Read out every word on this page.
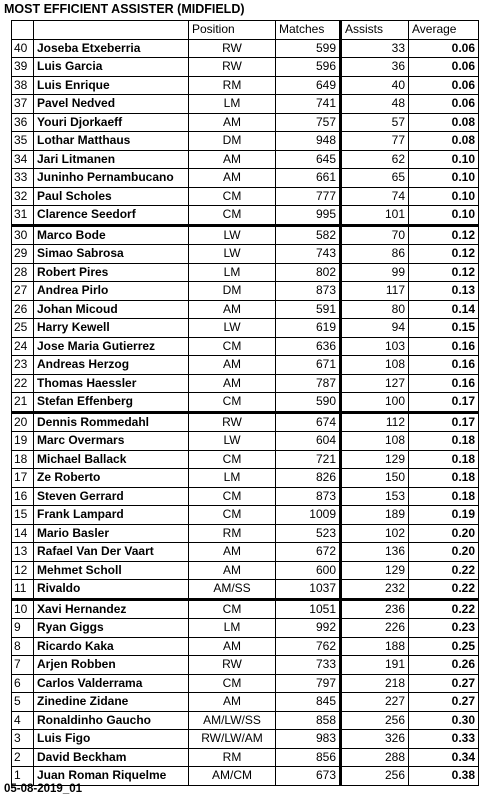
MOST EFFICIENT ASSISTER (MIDFIELD)
		Position	Matches	Assists	Average
40	Joseba Etxeberria	RW	599	33	0.06
39	Luis Garcia	RW	596	36	0.06
38	Luis Enrique	RM	649	40	0.06
37	Pavel Nedved	LM	741	48	0.06
36	Youri Djorkaeff	AM	757	57	0.08
35	Lothar Matthaus	DM	948	77	0.08
34	Jari Litmanen	AM	645	62	0.10
33	Juninho Pernambucano	AM	661	65	0.10
32	Paul Scholes	CM	777	74	0.10
31	Clarence Seedorf	CM	995	101	0.10
30	Marco Bode	LW	582	70	0.12
29	Simao Sabrosa	LW	743	86	0.12
28	Robert Pires	LM	802	99	0.12
27	Andrea Pirlo	DM	873	117	0.13
26	Johan Micoud	AM	591	80	0.14
25	Harry Kewell	LW	619	94	0.15
24	Jose Maria Gutierrez	CM	636	103	0.16
23	Andreas Herzog	AM	671	108	0.16
22	Thomas Haessler	AM	787	127	0.16
21	Stefan Effenberg	CM	590	100	0.17
20	Dennis Rommedahl	RW	674	112	0.17
19	Marc Overmars	LW	604	108	0.18
18	Michael Ballack	CM	721	129	0.18
17	Ze Roberto	LM	826	150	0.18
16	Steven Gerrard	CM	873	153	0.18
15	Frank Lampard	CM	1009	189	0.19
14	Mario Basler	RM	523	102	0.20
13	Rafael Van Der Vaart	AM	672	136	0.20
12	Mehmet Scholl	AM	600	129	0.22
11	Rivaldo	AM/SS	1037	232	0.22
10	Xavi Hernandez	CM	1051	236	0.22
9	Ryan Giggs	LM	992	226	0.23
8	Ricardo Kaka	AM	762	188	0.25
7	Arjen Robben	RW	733	191	0.26
6	Carlos Valderrama	CM	797	218	0.27
5	Zinedine Zidane	AM	845	227	0.27
4	Ronaldinho Gaucho	AM/LW/SS	858	256	0.30
3	Luis Figo	RW/LW/AM	983	326	0.33
2	David Beckham	RM	856	288	0.34
1	Juan Roman Riquelme	AM/CM	673	256	0.38
05-08-2019_01
